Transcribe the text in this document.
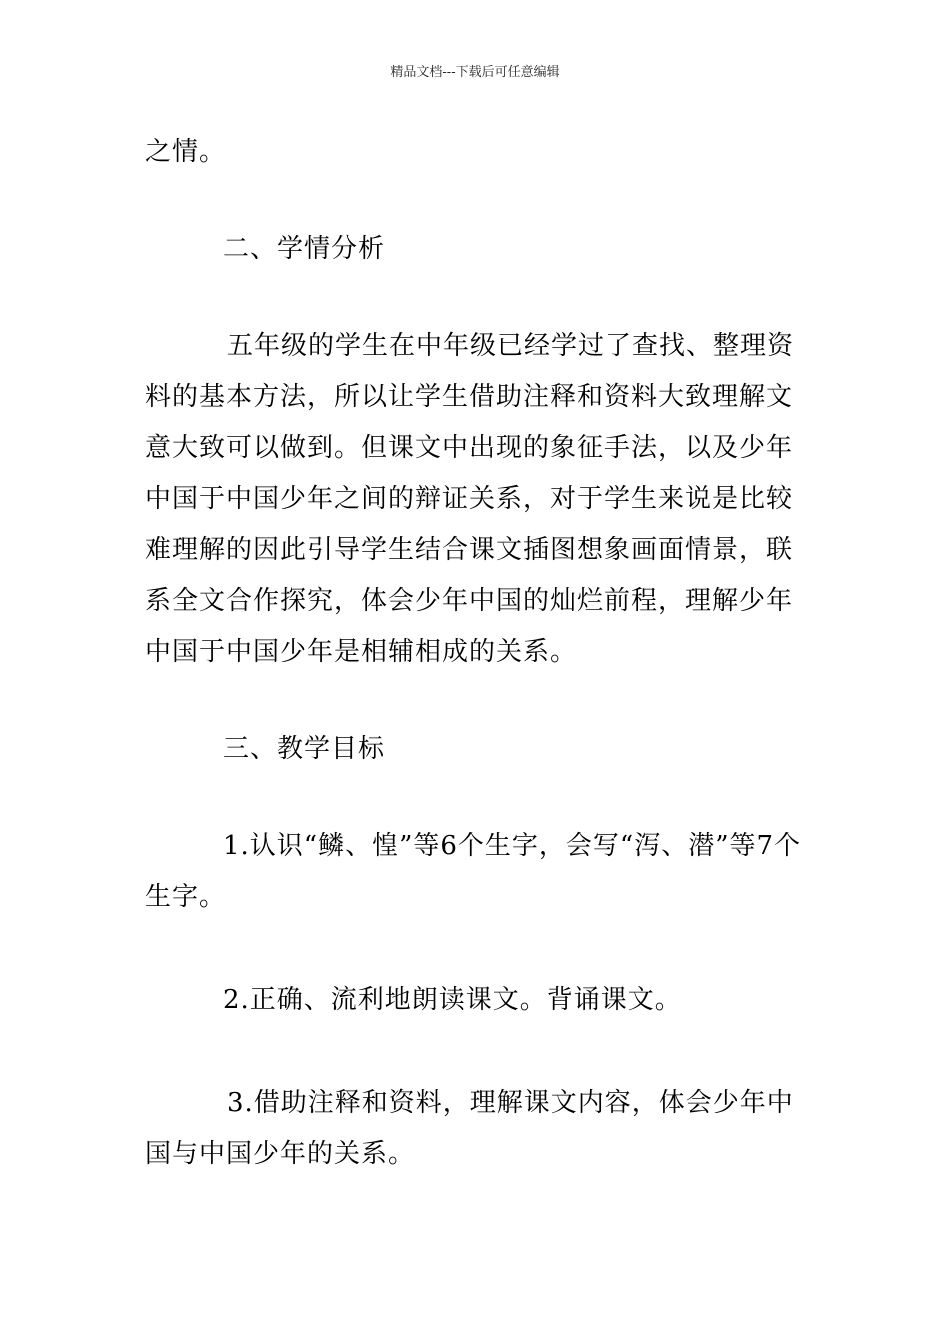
精品文档---下载后可任意编辑

之情。

二、学情分析

五年级的学生在中年级已经学过了查找、整理资料的基本方法，所以让学生借助注释和资料大致理解文意大致可以做到。但课文中出现的象征手法，以及少年中国于中国少年之间的辩证关系，对于学生来说是比较难理解的因此引导学生结合课文插图想象画面情景，联系全文合作探究，体会少年中国的灿烂前程，理解少年中国于中国少年是相辅相成的关系。

三、教学目标

1.认识“鳞、惶”等6个生字，会写“泻、潜”等7个生字。

2.正确、流利地朗读课文。背诵课文。

3.借助注释和资料，理解课文内容，体会少年中国与中国少年的关系。
